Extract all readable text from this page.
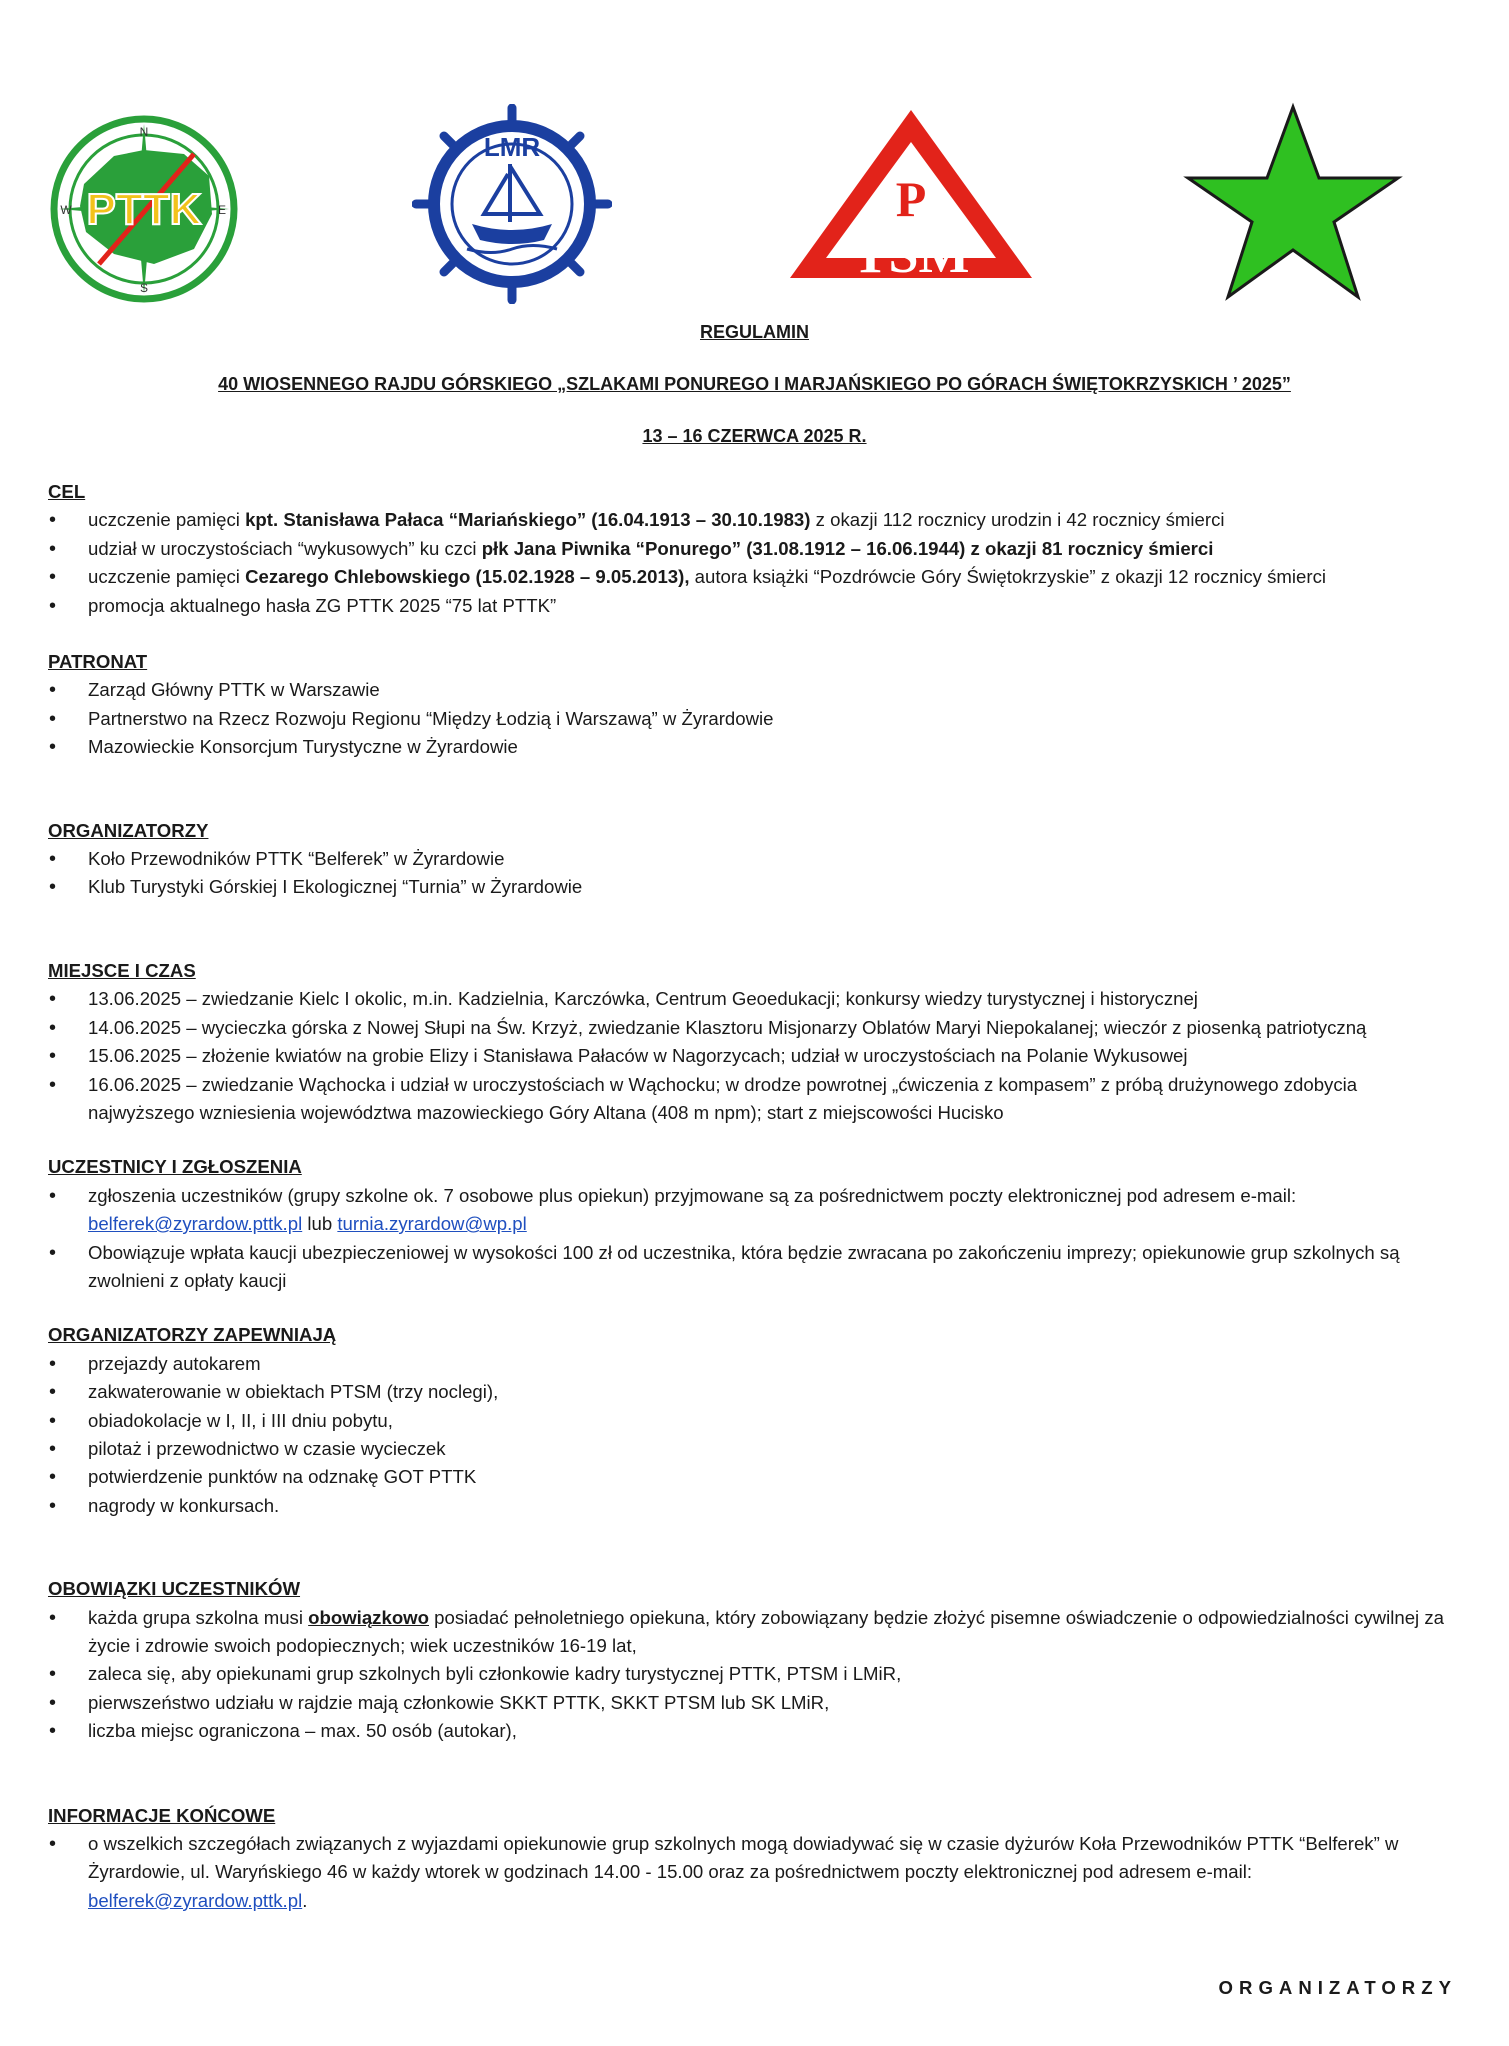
PTTK
N
E
S
W
LMR
P
TSM
REGULAMIN
40 WIOSENNEGO RAJDU GÓRSKIEGO „SZLAKAMI PONUREGO I MARJAŃSKIEGO PO GÓRACH ŚWIĘTOKRZYSKICH ’ 2025”
13 – 16 CZERWCA 2025 R.
CEL
• uczczenie pamięci kpt. Stanisława Pałaca “Mariańskiego” (16.04.1913 – 30.10.1983) z okazji 112 rocznicy urodzin i 42 rocznicy śmierci
• udział w uroczystościach “wykusowych” ku czci płk Jana Piwnika “Ponurego” (31.08.1912 – 16.06.1944) z okazji 81 rocznicy śmierci
• uczczenie pamięci Cezarego Chlebowskiego (15.02.1928 – 9.05.2013), autora książki “Pozdrówcie Góry Świętokrzyskie” z okazji 12 rocznicy śmierci
• promocja aktualnego hasła ZG PTTK 2025 “75 lat PTTK”
PATRONAT
• Zarząd Główny PTTK w Warszawie
• Partnerstwo na Rzecz Rozwoju Regionu “Między Łodzią i Warszawą” w Żyrardowie
• Mazowieckie Konsorcjum Turystyczne w Żyrardowie
ORGANIZATORZY
• Koło Przewodników PTTK “Belferek” w Żyrardowie
• Klub Turystyki Górskiej I Ekologicznej “Turnia” w Żyrardowie
MIEJSCE I CZAS
• 13.06.2025 – zwiedzanie Kielc I okolic, m.in. Kadzielnia, Karczówka, Centrum Geoedukacji; konkursy wiedzy turystycznej i historycznej
• 14.06.2025 – wycieczka górska z Nowej Słupi na Św. Krzyż, zwiedzanie Klasztoru Misjonarzy Oblatów Maryi Niepokalanej; wieczór z piosenką patriotyczną
• 15.06.2025 – złożenie kwiatów na grobie Elizy i Stanisława Pałaców w Nagorzycach; udział w uroczystościach na Polanie Wykusowej
• 16.06.2025 – zwiedzanie Wąchocka i udział w uroczystościach w Wąchocku; w drodze powrotnej „ćwiczenia z kompasem” z próbą drużynowego zdobycia najwyższego wzniesienia województwa mazowieckiego Góry Altana (408 m npm); start z miejscowości Hucisko
UCZESTNICY I ZGŁOSZENIA
• zgłoszenia uczestników (grupy szkolne ok. 7 osobowe plus opiekun) przyjmowane są za pośrednictwem poczty elektronicznej pod adresem e-mail: belferek@zyrardow.pttk.pl lub turnia.zyrardow@wp.pl
• Obowiązuje wpłata kaucji ubezpieczeniowej w wysokości 100 zł od uczestnika, która będzie zwracana po zakończeniu imprezy; opiekunowie grup szkolnych są zwolnieni z opłaty kaucji
ORGANIZATORZY ZAPEWNIAJĄ
• przejazdy autokarem
• zakwaterowanie w obiektach PTSM (trzy noclegi),
• obiadokolacje w I, II, i III dniu pobytu,
• pilotaż i przewodnictwo w czasie wycieczek
• potwierdzenie punktów na odznakę GOT PTTK
• nagrody w konkursach.
OBOWIĄZKI UCZESTNIKÓW
• każda grupa szkolna musi obowiązkowo posiadać pełnoletniego opiekuna, który zobowiązany będzie złożyć pisemne oświadczenie o odpowiedzialności cywilnej za życie i zdrowie swoich podopiecznych; wiek uczestników 16-19 lat,
• zaleca się, aby opiekunami grup szkolnych byli członkowie kadry turystycznej PTTK, PTSM i LMiR,
• pierwszeństwo udziału w rajdzie mają członkowie SKKT PTTK, SKKT PTSM lub SK LMiR,
• liczba miejsc ograniczona – max. 50 osób (autokar),
INFORMACJE KOŃCOWE
• o wszelkich szczegółach związanych z wyjazdami opiekunowie grup szkolnych mogą dowiadywać się w czasie dyżurów Koła Przewodników PTTK “Belferek” w Żyrardowie, ul. Waryńskiego 46 w każdy wtorek w godzinach 14.00 - 15.00 oraz za pośrednictwem poczty elektronicznej pod adresem e-mail: belferek@zyrardow.pttk.pl.
ORGANIZATORZY
